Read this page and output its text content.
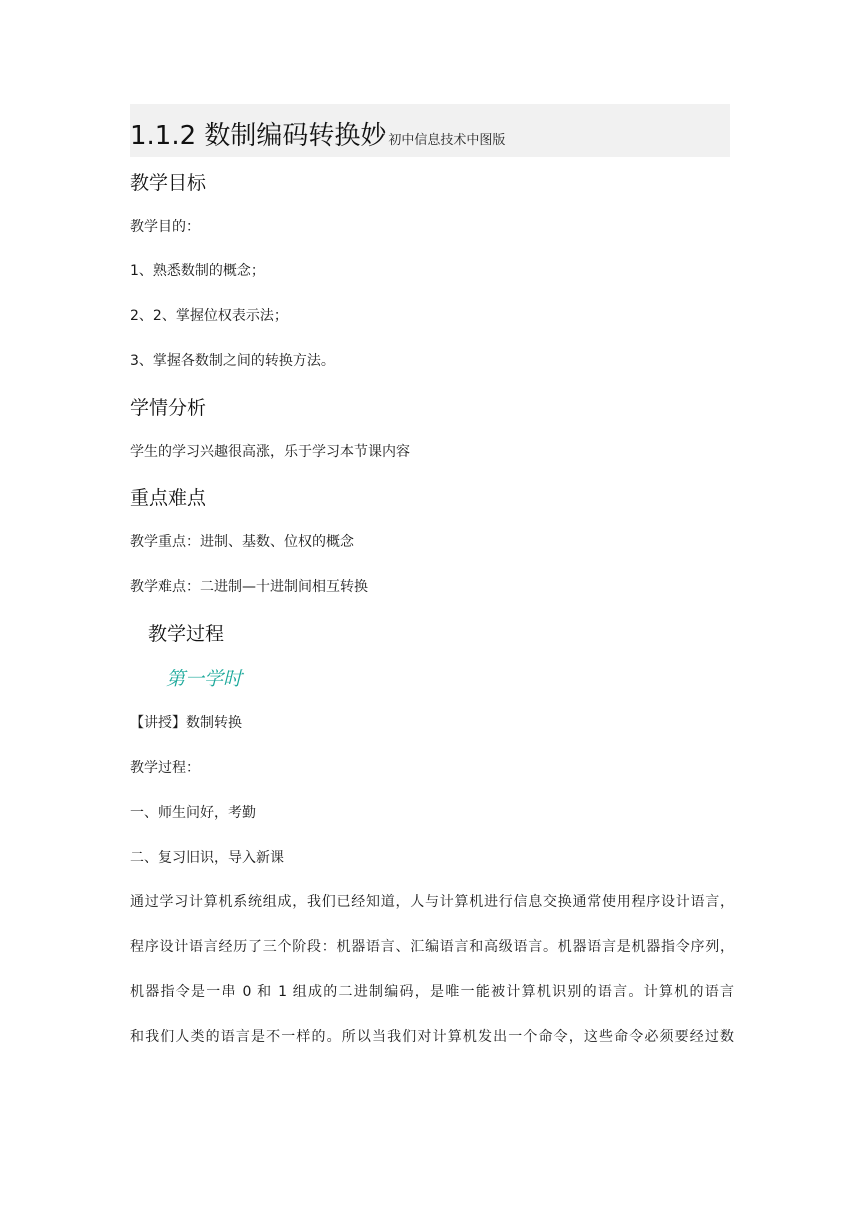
1.1.2 数制编码转换妙 初中信息技术中图版
教学目标
教学目的：
1、熟悉数制的概念；
2、2、掌握位权表示法；
3、掌握各数制之间的转换方法。
学情分析
学生的学习兴趣很高涨，乐于学习本节课内容
重点难点
教学重点：进制、基数、位权的概念
教学难点：二进制—十进制间相互转换
教学过程
第一学时
【讲授】数制转换
教学过程：
一、师生问好，考勤
二、复习旧识，导入新课
通过学习计算机系统组成，我们已经知道，人与计算机进行信息交换通常使用程序设计语言，
程序设计语言经历了三个阶段：机器语言、汇编语言和高级语言。机器语言是机器指令序列，
机器指令是一串 0 和 1 组成的二进制编码，是唯一能被计算机识别的语言。计算机的语言
和我们人类的语言是不一样的。所以当我们对计算机发出一个命令，这些命令必须要经过数
